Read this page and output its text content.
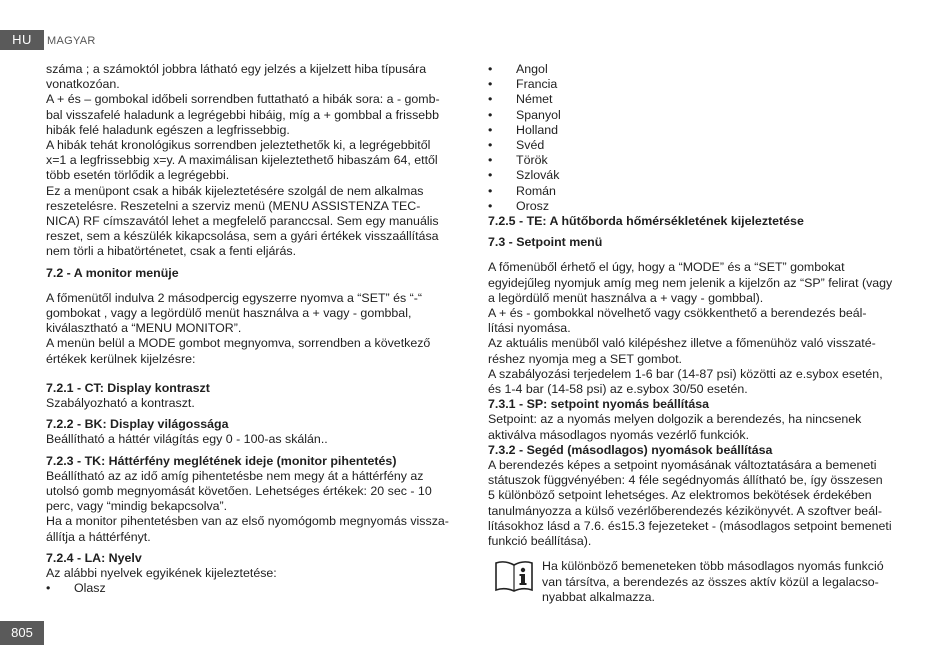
HU	MAGYAR

száma ; a számoktól jobbra látható egy jelzés a kijelzett hiba típusára

vonatkozóan.

A + és – gombokal időbeli sorrendben futtatható a hibák sora: a - gomb-

bal visszafelé haladunk a legrégebbi hibáig, míg a + gombbal a frissebb

hibák felé haladunk egészen a legfrissebbig.

A hibák tehát kronológikus sorrendben jeleztethetők ki, a legrégebbitől

x=1 a legfrissebbig x=y. A maximálisan kijeleztethető hibaszám 64, ettől

több esetén törlődik a legrégebbi.

Ez a menüpont csak a hibák kijeleztetésére szolgál de nem alkalmas

reszetelésre. Reszetelni a szerviz menü (MENU ASSISTENZA TEC-

NICA) RF címszavától lehet a megfelelő paranccsal. Sem egy manuális

reszet, sem a készülék kikapcsolása, sem a gyári értékek visszaállítása

nem törli a hibatörténetet, csak a fenti eljárás.

7.2 - A monitor menüje

A főmenütől indulva 2 másodpercig egyszerre nyomva a “SET” és “-“

gombokat , vagy a legördülő menüt használva a + vagy - gombbal,

kiválasztható a “MENU MONITOR”.

A menün belül a MODE gombot megnyomva, sorrendben a következő

értékek kerülnek kijelzésre:

7.2.1 - CT: Display kontraszt

Szabályozható a kontraszt.

7.2.2 - BK: Display világossága

Beállítható a háttér világítás egy 0 - 100-as skálán..

7.2.3 - TK: Háttérfény meglétének ideje (monitor pihentetés)

Beállítható az az idő amíg pihentetésbe nem megy át a háttérfény az

utolsó gomb megnyomását követően. Lehetséges értékek: 20 sec - 10

perc, vagy “mindig bekapcsolva”.

Ha a monitor pihentetésben van az első nyomógomb megnyomás vissza-

állítja a háttérfényt.

7.2.4 - LA: Nyelv

Az alábbi nyelvek egyikének kijeleztetése:

• Olasz
• Angol
• Francia
• Német
• Spanyol
• Holland
• Svéd
• Török
• Szlovák
• Román
• Orosz

7.2.5 - TE: A hűtőborda hőmérsékletének kijeleztetése

7.3 - Setpoint menü

A főmenüből érhető el úgy, hogy a “MODE” és a “SET” gombokat

egyidejűleg nyomjuk amíg meg nem jelenik a kijelzőn az “SP” felirat (vagy

a legördülő menüt használva a + vagy - gombbal).

A + és - gombokkal növelhető vagy csökkenthető a berendezés beál-

lítási nyomása.

Az aktuális menüből való kilépéshez illetve a főmenühöz való visszaté-

réshez nyomja meg a SET gombot.

A szabályozási terjedelem 1-6 bar (14-87 psi) közötti az e.sybox esetén,

és 1-4 bar (14-58 psi) az e.sybox 30/50 esetén.

7.3.1 - SP: setpoint nyomás beállítása

Setpoint: az a nyomás melyen dolgozik a berendezés, ha nincsenek

aktiválva másodlagos nyomás vezérlő funkciók.

7.3.2 - Segéd (másodlagos) nyomások beállítása

A berendezés képes a setpoint nyomásának változtatására a bemeneti

státuszok függvényében: 4 féle segédnyomás állítható be, így összesen

5 különböző setpoint lehetséges. Az elektromos bekötések érdekében

tanulmányozza a külső vezérlőberendezés kézikönyvét. A szoftver beál-

lításokhoz lásd a 7.6. és15.3 fejezeteket - (másodlagos setpoint bemeneti

funkció beállítása).

Ha különböző bemeneteken több másodlagos nyomás funkció

van társítva, a berendezés az összes aktív közül a legalacso-

nyabbat alkalmazza.

805
